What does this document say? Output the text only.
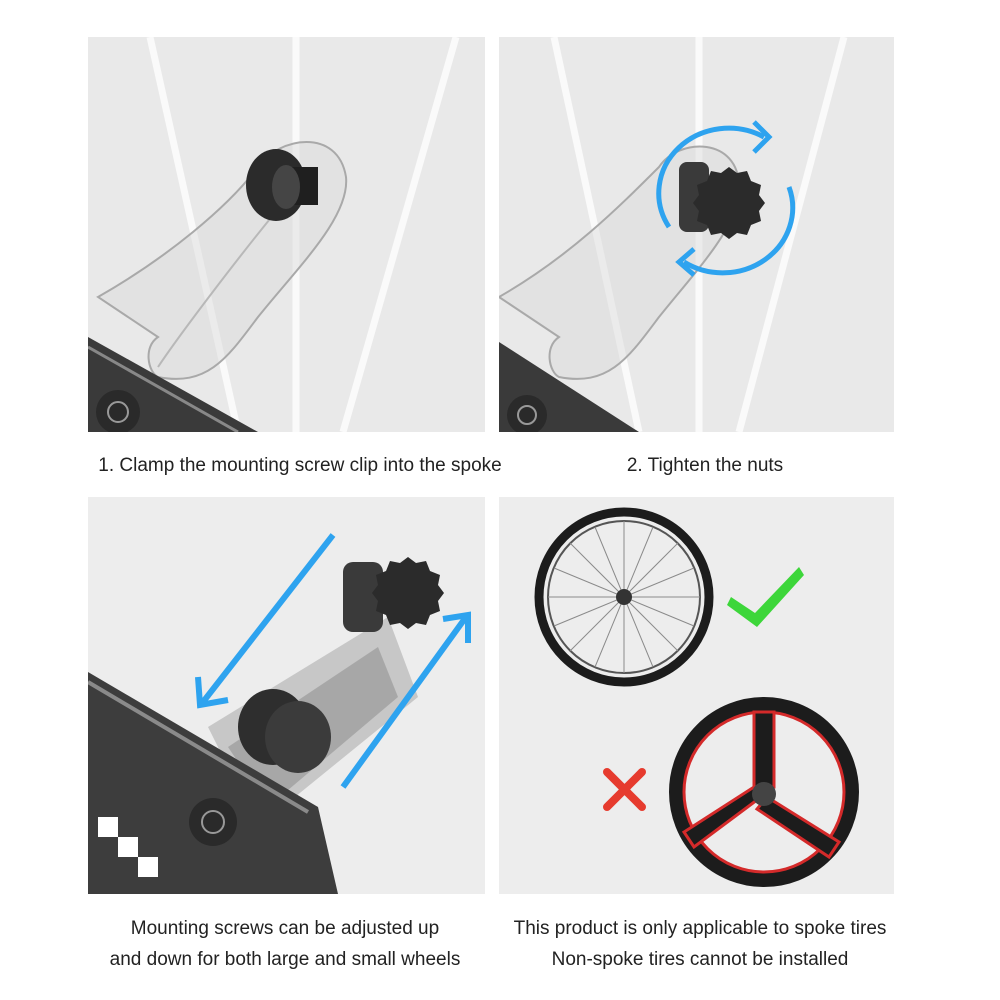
1. Clamp the mounting screw clip into the spoke	2. Tighten the nuts
Mounting screws can be adjusted up
and down for both large and small wheels
This product is only applicable to spoke tires
Non-spoke tires cannot be installed
